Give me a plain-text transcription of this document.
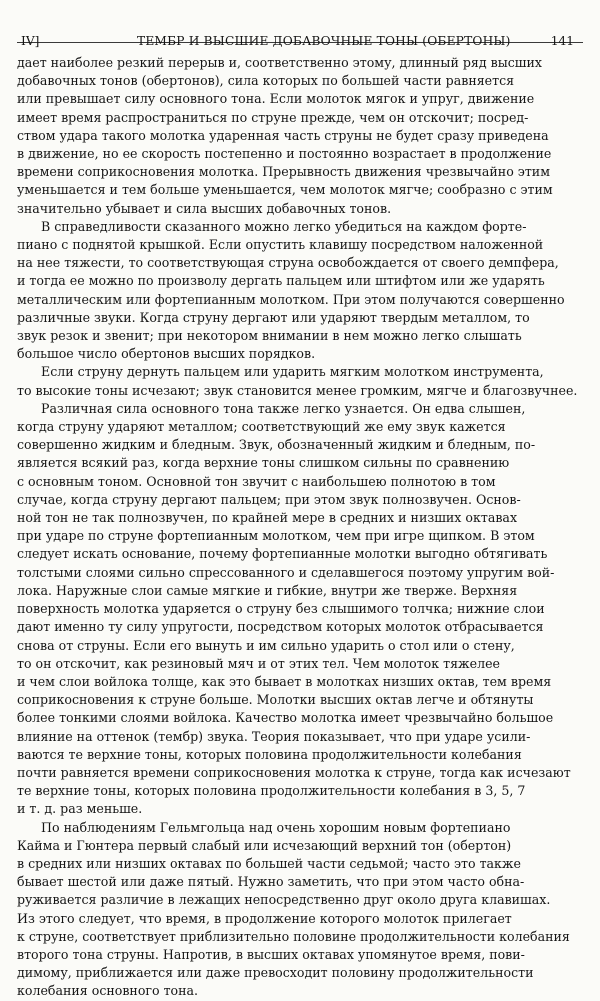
IV]	ТЕМБР И ВЫСШИЕ ДОБАВОЧНЫЕ ТОНЫ (ОБЕРТОНЫ)	141
дает наиболее резкий перерыв и, соответственно этому, длинный ряд высших
добавочных тонов (обертонов), сила которых по большей части равняется
или превышает силу основного тона. Если молоток мягок и упруг, движение
имеет время распространиться по струне прежде, чем он отскочит; посред-
ством удара такого молотка ударенная часть струны не будет сразу приведена
в движение, но ее скорость постепенно и постоянно возрастает в продолжение
времени соприкосновения молотка. Прерывность движения чрезвычайно этим
уменьшается и тем больше уменьшается, чем молоток мягче; сообразно с этим
значительно убывает и сила высших добавочных тонов.
В справедливости сказанного можно легко убедиться на каждом форте-
пиано с поднятой крышкой. Если опустить клавишу посредством наложенной
на нее тяжести, то соответствующая струна освобождается от своего демпфера,
и тогда ее можно по произволу дергать пальцем или штифтом или же ударять
металлическим или фортепианным молотком. При этом получаются совершенно
различные звуки. Когда струну дергают или ударяют твердым металлом, то
звук резок и звенит; при некотором внимании в нем можно легко слышать
большое число обертонов высших порядков.
Если струну дернуть пальцем или ударить мягким молотком инструмента,
то высокие тоны исчезают; звук становится менее громким, мягче и благозвучнее.
Различная сила основного тона также легко узнается. Он едва слышен,
когда струну ударяют металлом; соответствующий же ему звук кажется
совершенно жидким и бледным. Звук, обозначенный жидким и бледным, по-
является всякий раз, когда верхние тоны слишком сильны по сравнению
с основным тоном. Основной тон звучит с наибольшею полнотою в том
случае, когда струну дергают пальцем; при этом звук полнозвучен. Основ-
ной тон не так полнозвучен, по крайней мере в средних и низших октавах
при ударе по струне фортепианным молотком, чем при игре щипком. В этом
следует искать основание, почему фортепианные молотки выгодно обтягивать
толстыми слоями сильно спрессованного и сделавшегося поэтому упругим вой-
лока. Наружные слои самые мягкие и гибкие, внутри же тверже. Верхняя
поверхность молотка ударяется о струну без слышимого толчка; нижние слои
дают именно ту силу упругости, посредством которых молоток отбрасывается
снова от струны. Если его вынуть и им сильно ударить о стол или о стену,
то он отскочит, как резиновый мяч и от этих тел. Чем молоток тяжелее
и чем слои войлока толще, как это бывает в молотках низших октав, тем время
соприкосновения к струне больше. Молотки высших октав легче и обтянуты
более тонкими слоями войлока. Качество молотка имеет чрезвычайно большое
влияние на оттенок (тембр) звука. Теория показывает, что при ударе усили-
ваются те верхние тоны, которых половина продолжительности колебания
почти равняется времени соприкосновения молотка к струне, тогда как исчезают
те верхние тоны, которых половина продолжительности колебания в 3, 5, 7
и т. д. раз меньше.
По наблюдениям Гельмгольца над очень хорошим новым фортепиано
Кайма и Гюнтера первый слабый или исчезающий верхний тон (обертон)
в средних или низших октавах по большей части седьмой; часто это также
бывает шестой или даже пятый. Нужно заметить, что при этом часто обна-
руживается различие в лежащих непосредственно друг около друга клавишах.
Из этого следует, что время, в продолжение которого молоток прилегает
к струне, соответствует приблизительно половине продолжительности колебания
второго тона струны. Напротив, в высших октавах упомянутое время, пови-
димому, приближается или даже превосходит половину продолжительности
колебания основного тона.
